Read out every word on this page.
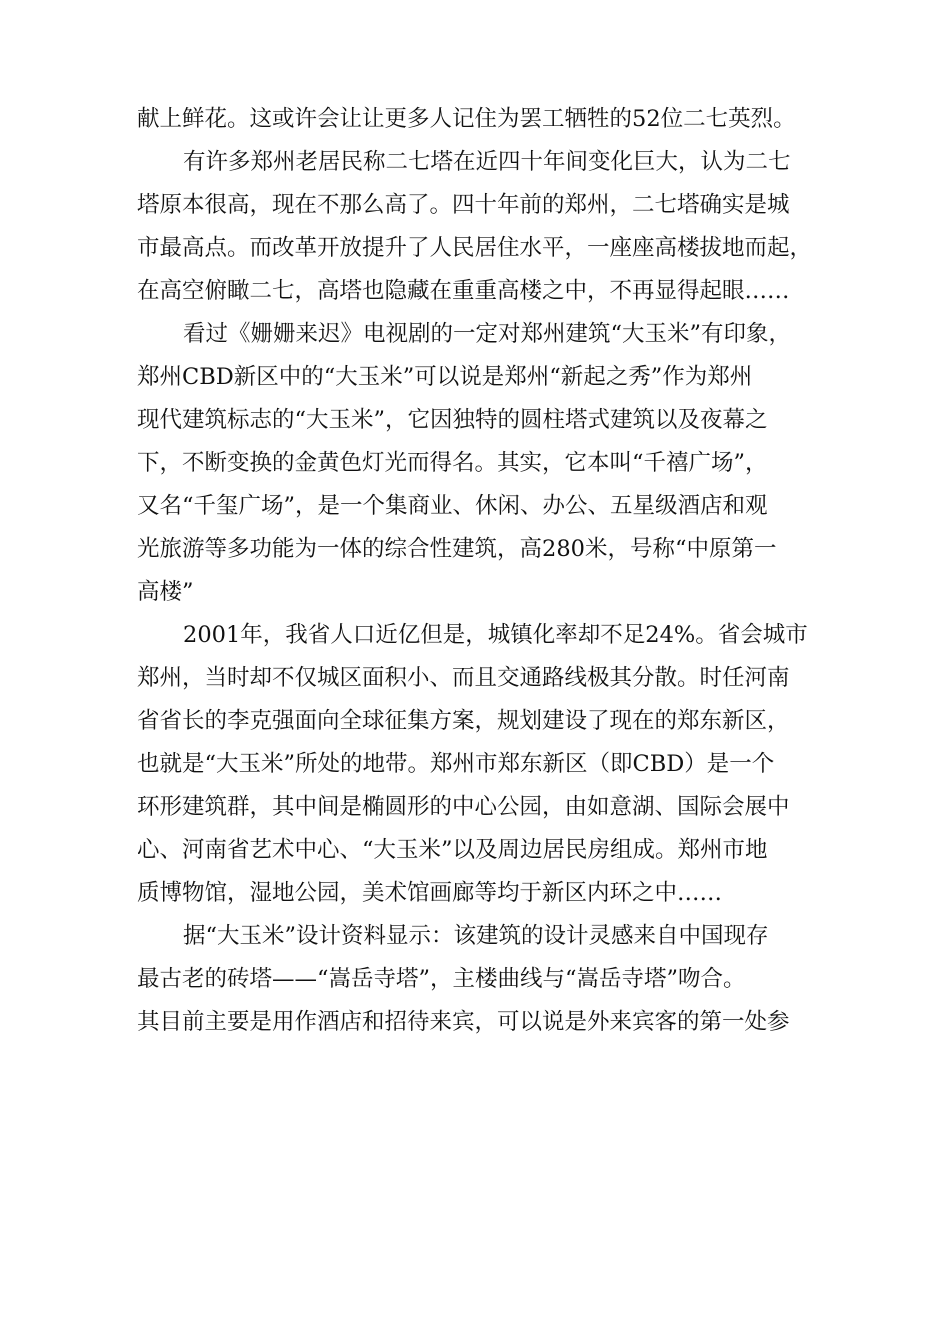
献上鲜花。这或许会让让更多人记住为罢工牺牲的52位二七英烈。
有许多郑州老居民称二七塔在近四十年间变化巨大，认为二七
塔原本很高，现在不那么高了。四十年前的郑州，二七塔确实是城
市最高点。而改革开放提升了人民居住水平，一座座高楼拔地而起，
在高空俯瞰二七，高塔也隐藏在重重高楼之中，不再显得起眼……
看过《姗姗来迟》电视剧的一定对郑州建筑“大玉米”有印象，
郑州CBD新区中的“大玉米”可以说是郑州“新起之秀”作为郑州
现代建筑标志的“大玉米”，它因独特的圆柱塔式建筑以及夜幕之
下，不断变换的金黄色灯光而得名。其实，它本叫“千禧广场”，
又名“千玺广场”，是一个集商业、休闲、办公、五星级酒店和观
光旅游等多功能为一体的综合性建筑，高280米，号称“中原第一
高楼”
2001年，我省人口近亿但是，城镇化率却不足24%。省会城市
郑州，当时却不仅城区面积小、而且交通路线极其分散。时任河南
省省长的李克强面向全球征集方案，规划建设了现在的郑东新区，
也就是“大玉米”所处的地带。郑州市郑东新区（即CBD）是一个
环形建筑群，其中间是椭圆形的中心公园，由如意湖、国际会展中
心、河南省艺术中心、“大玉米”以及周边居民房组成。郑州市地
质博物馆，湿地公园，美术馆画廊等均于新区内环之中……
据“大玉米”设计资料显示：该建筑的设计灵感来自中国现存
最古老的砖塔——“嵩岳寺塔”，主楼曲线与“嵩岳寺塔”吻合。
其目前主要是用作酒店和招待来宾，可以说是外来宾客的第一处参
